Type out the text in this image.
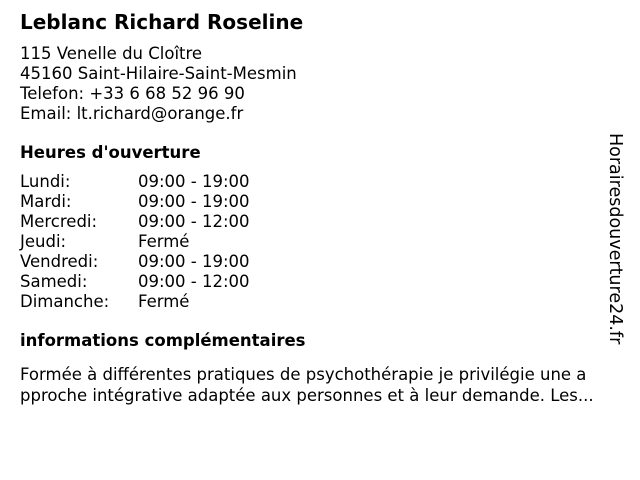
Leblanc Richard Roseline
115 Venelle du Cloître
45160 Saint-Hilaire-Saint-Mesmin
Telefon: +33 6 68 52 96 90
Email: lt.richard@orange.fr
Heures d'ouverture
Lundi:	09:00 - 19:00
Mardi:	09:00 - 19:00
Mercredi:	09:00 - 12:00
Jeudi:	Fermé
Vendredi:	09:00 - 19:00
Samedi:	09:00 - 12:00
Dimanche:	Fermé
informations complémentaires
Formée à différentes pratiques de psychothérapie je privilégie une a
pproche intégrative adaptée aux personnes et à leur demande. Les...
Horairesdouverture24.fr
